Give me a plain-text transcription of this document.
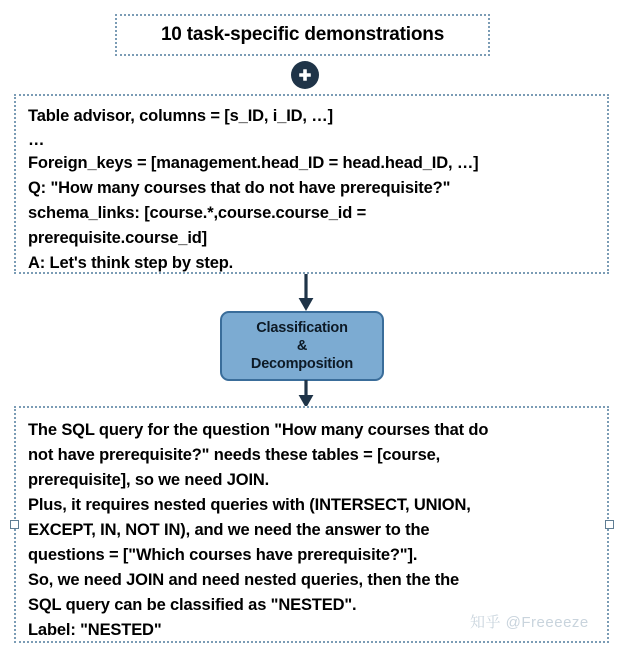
10 task-specific demonstrations
Table advisor, columns = [s_ID, i_ID, …]
…
Foreign_keys = [management.head_ID = head.head_ID, …]
Q: "How many courses that do not have prerequisite?"
schema_links: [course.*,course.course_id =
prerequisite.course_id]
A: Let's think step by step.
Classification
&
Decomposition
The SQL query for the question "How many courses that do
not have prerequisite?" needs these tables = [course,
prerequisite], so we need JOIN.
Plus, it requires nested queries with (INTERSECT, UNION,
EXCEPT, IN, NOT IN), and we need the answer to the
questions = ["Which courses have prerequisite?"].
So, we need JOIN and need nested queries, then the the
SQL query can be classified as "NESTED".
Label: "NESTED"	知乎 @Freeeeze
